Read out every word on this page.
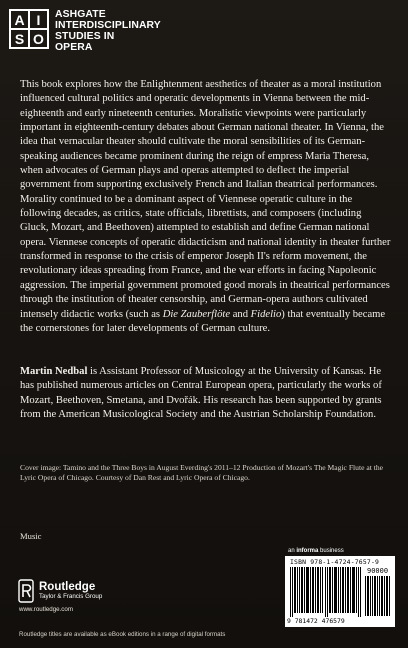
A I
S O
ASHGATE
INTERDISCIPLINARY
STUDIES IN
OPERA

This book explores how the Enlightenment aesthetics of theater as a moral institution influenced cultural politics and operatic developments in Vienna between the mid-eighteenth and early nineteenth centuries. Moralistic viewpoints were particularly important in eighteenth-century debates about German national theater. In Vienna, the idea that vernacular theater should cultivate the moral sensibilities of its German-speaking audiences became prominent during the reign of empress Maria Theresa, when advocates of German plays and operas attempted to deflect the imperial government from supporting exclusively French and Italian theatrical performances. Morality continued to be a dominant aspect of Viennese operatic culture in the following decades, as critics, state officials, librettists, and composers (including Gluck, Mozart, and Beethoven) attempted to establish and define German national opera. Viennese concepts of operatic didacticism and national identity in theater further transformed in response to the crisis of emperor Joseph II's reform movement, the revolutionary ideas spreading from France, and the war efforts in facing Napoleonic aggression. The imperial government promoted good morals in theatrical performances through the institution of theater censorship, and German-opera authors cultivated intensely didactic works (such as Die Zauberflöte and Fidelio) that eventually became the cornerstones for later developments of German culture.

Martin Nedbal is Assistant Professor of Musicology at the University of Kansas. He has published numerous articles on Central European opera, particularly the works of Mozart, Beethoven, Smetana, and Dvořák. His research has been supported by grants from the American Musicological Society and the Austrian Scholarship Foundation.

Cover image: Tamino and the Three Boys in August Everding's 2011–12 Production of Mozart's The Magic Flute at the Lyric Opera of Chicago. Courtesy of Dan Rest and Lyric Opera of Chicago.

Music
an informa business
ISBN 978-1-4724-7657-9
90000
9 781472 476579
Routledge
Taylor & Francis Group
www.routledge.com
Routledge titles are available as eBook editions in a range of digital formats
